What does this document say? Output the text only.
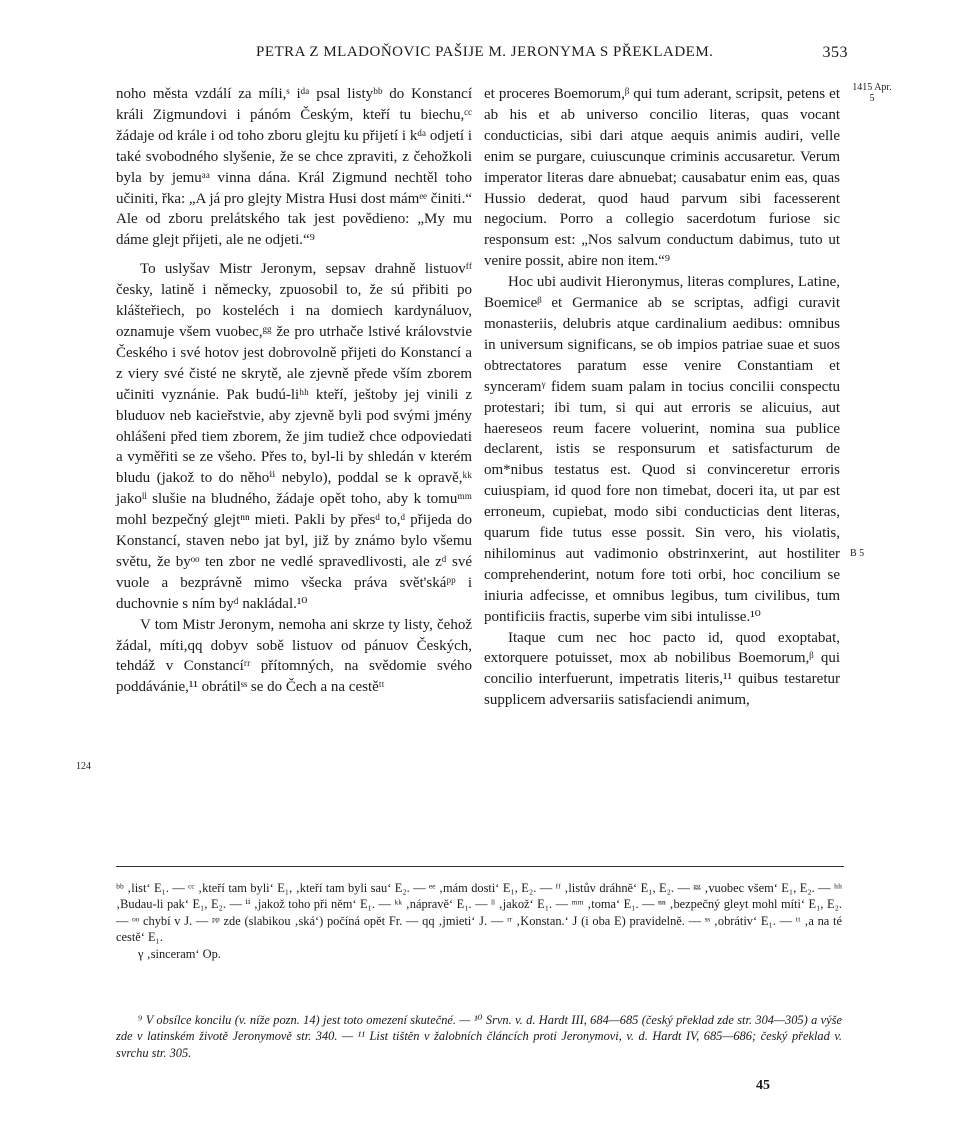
PETRA Z MLADOŇOVIC PAŠIJE M. JERONYMA S PŘEKLADEM.	353
1415 Apr. 5
124
B 5

noho města vzdálí za míli,ˢ iᵈᵃ psal listyᵇᵇ do Konstancí králi Zigmundovi i pánóm Českým, kteří tu biechu,ᶜᶜ žádaje od krále i od toho zboru glejtu ku přijetí i kᵈᵃ odjetí i také svobodného slyšenie, že se chce zpraviti, z čehožkoli byla by jemuᵃᵃ vinna dána. Král Zigmund nechtěl toho učiniti, řka: „A já pro glejty Mistra Husi dost mámᵉᵉ činiti.“ Ale od zboru prelátského tak jest povědieno: „My mu dáme glejt přijeti, ale ne odjeti.“⁹

To uslyšav Mistr Jeronym, sepsav drahně listuovᶠᶠ česky, latině i německy, zpuosobil to, že sú přibiti po klášteřiech, po kosteléch i na domiech kardynáluov, oznamuje všem vuobec,ᵍᵍ že pro utrhače lstivé královstvie Českého i své hotov jest dobrovolně přijeti do Konstancí a z viery své čisté ne skrytě, ale zjevně přede vším zborem učiniti vyznánie. Pak budú-liʰʰ kteří, ještoby jej vinili z bluduov neb kacieřstvie, aby zjevně byli pod svými jmény ohlášeni před tiem zborem, že jim tudiež chce odpoviedati a vyměřiti se ze všeho. Přes to, byl-li by shledán v kterém bludu (jakož to do něhoⁱⁱ nebylo), poddal se k opravě,ᵏᵏ jakoˡˡ slušie na bludného, žádaje opět toho, aby k tomuᵐᵐ mohl bezpečný glejtⁿⁿ mieti. Pakli by přesᵈ to,ᵈ přijeda do Konstancí, staven nebo jat byl, již by známo bylo všemu světu, že byᵒᵒ ten zbor ne vedlé spravedlivosti, ale zᵈ své vuole a bezprávně mimo všecka práva svět'skáᵖᵖ i duchovnie s ním byᵈ nakládal.¹⁰

V tom Mistr Jeronym, nemoha ani skrze ty listy, čehož žádal, míti,qq dobyv sobě listuov od pánuov Českých, tehdáž v Constancíʳʳ přítomných, na svědomie svého poddávánie,¹¹ obrátilˢˢ se do Čech a na cestěᵗᵗ

et proceres Boemorum,ᵝ qui tum aderant, scripsit, petens et ab his et ab universo concilio literas, quas vocant conducticias, sibi dari atque aequis animis audiri, velle enim se purgare, cuiuscunque criminis accusaretur. Verum imperator literas dare abnuebat; causabatur enim eas, quas Hussio dederat, quod haud parvum sibi facesserent negocium. Porro a collegio sacerdotum furiose sic responsum est: „Nos salvum conductum dabimus, tuto ut venire possit, abire non item.“⁹

Hoc ubi audivit Hieronymus, literas complures, Latine, Boemiceᵝ et Germanice ab se scriptas, adfigi curavit monasteriis, delubris atque cardinalium aedibus: omnibus in universum significans, se ob impios patriae suae et suos obtrectatores paratum esse venire Constantiam et synceramᵞ fidem suam palam in tocius concilii conspectu protestari; ibi tum, si qui aut erroris se alicuius, aut haereseos reum facere voluerint, nomina sua publice declarent, istis se responsurum et satisfacturum de om*nibus testatus est. Quod si convinceretur erroris cuiuspiam, id quod fore non timebat, doceri ita, ut par est erroneum, cupiebat, modo sibi conducticias dent literas, quarum fide tutus esse possit. Sin vero, his violatis, nihilominus aut vadimonio obstrinxerint, aut hostiliter comprehenderint, notum fore toti orbi, hoc concilium se iniuria adfecisse, et omnibus legibus, tum civilibus, tum pontificiis fractis, superbe vim sibi intulisse.¹⁰

Itaque cum nec hoc pacto id, quod exoptabat, extorquere potuisset, mox ab nobilibus Boemorum,ᵝ qui concilio interfuerunt, impetratis literis,¹¹ quibus testaretur supplicem adversariis satisfaciendi animum,

ᵇᵇ ‚list‘ E₁. — ᶜᶜ ‚kteří tam byli‘ E₁, ‚kteří tam byli sau‘ E₂. — ᵉᵉ ‚mám dosti‘ E₁, E₂. — ᶠᶠ ‚listův dráhně‘ E₁, E₂. — ᵍᵍ ‚vuobec všem‘ E₁, E₂. — ʰʰ ‚Budau-li pak‘ E₁, E₂. — ⁱⁱ ‚jakož toho při něm‘ E₁. — ᵏᵏ ‚nápravě‘ E₁. — ˡˡ ‚jakož‘ E₁. — ᵐᵐ ‚toma‘ E₁. — ⁿⁿ ‚bezpečný gleyt mohl míti‘ E₁, E₂. — ᵒᵒ chybí v J. — ᵖᵖ zde (slabikou ‚ská‘) počíná opět Fr. — qq ‚jmieti‘ J. — ʳʳ ‚Konstan.‘ J (i oba E) pravidelně. — ˢˢ ‚obrátiv‘ E₁. — ᵗᵗ ‚a na té cestě‘ E₁.

γ ‚sinceram‘ Op.

⁹ V obsílce koncilu (v. níže pozn. 14) jest toto omezení skutečné. — ¹⁰ Srvn. v. d. Hardt III, 684—685 (český překlad zde str. 304—305) a výše zde v latinském životě Jeronymově str. 340. — ¹¹ List tištěn v žalobních článcích proti Jeronymovi, v. d. Hardt IV, 685—686; český překlad v. svrchu str. 305.

45
